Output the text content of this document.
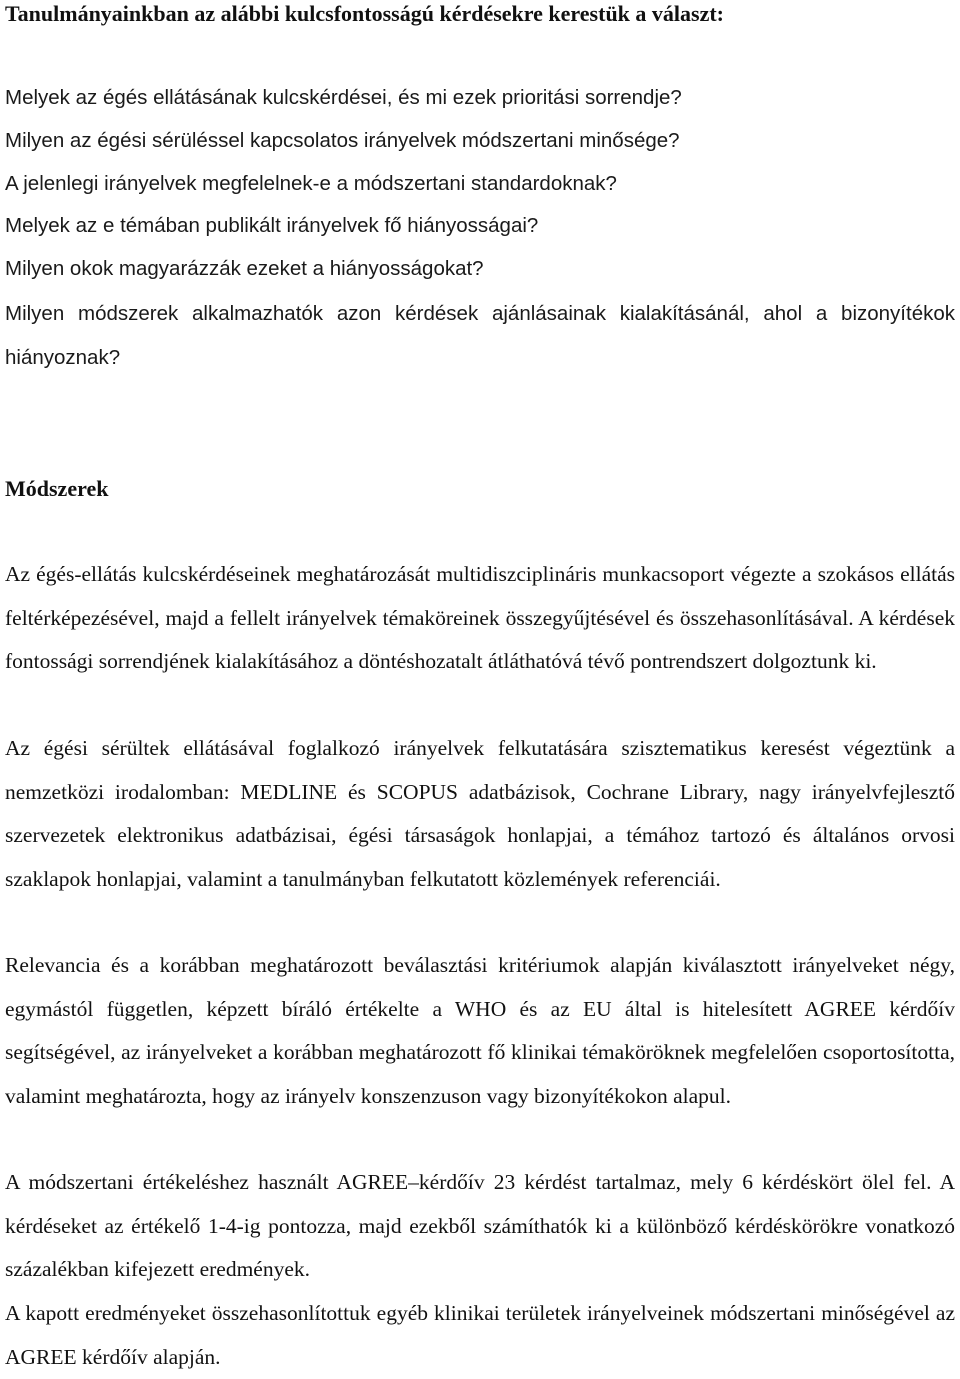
Tanulmányainkban az alábbi kulcsfontosságú kérdésekre kerestük a választ:
Melyek az égés ellátásának kulcskérdései, és mi ezek prioritási sorrendje?
Milyen az égési sérüléssel kapcsolatos irányelvek módszertani minősége?
A jelenlegi irányelvek megfelelnek-e a módszertani standardoknak?
Melyek az e témában publikált irányelvek fő hiányosságai?
Milyen okok magyarázzák ezeket a hiányosságokat?
Milyen módszerek alkalmazhatók azon kérdések ajánlásainak kialakításánál, ahol a bizonyítékok hiányoznak?
Módszerek

Az égés-ellátás kulcskérdéseinek meghatározását multidiszciplináris munkacsoport végezte a szokásos ellátás feltérképezésével, majd a fellelt irányelvek témaköreinek összegyűjtésével és összehasonlításával. A kérdések fontossági sorrendjének kialakításához a döntéshozatalt átláthatóvá tévő pontrendszert dolgoztunk ki.

Az égési sérültek ellátásával foglalkozó irányelvek felkutatására szisztematikus keresést végeztünk a nemzetközi irodalomban: MEDLINE és SCOPUS adatbázisok, Cochrane Library, nagy irányelvfejlesztő szervezetek elektronikus adatbázisai, égési társaságok honlapjai, a témához tartozó és általános orvosi szaklapok honlapjai, valamint a tanulmányban felkutatott közlemények referenciái.

Relevancia és a korábban meghatározott beválasztási kritériumok alapján kiválasztott irányelveket négy, egymástól független, képzett bíráló értékelte a WHO és az EU által is hitelesített AGREE kérdőív segítségével, az irányelveket a korábban meghatározott fő klinikai témaköröknek megfelelően csoportosította, valamint meghatározta, hogy az irányelv konszenzuson vagy bizonyítékokon alapul.

A módszertani értékeléshez használt AGREE–kérdőív 23 kérdést tartalmaz, mely 6 kérdéskört ölel fel. A kérdéseket az értékelő 1-4-ig pontozza, majd ezekből számíthatók ki a különböző kérdéskörökre vonatkozó százalékban kifejezett eredmények.

A kapott eredményeket összehasonlítottuk egyéb klinikai területek irányelveinek módszertani minőségével az AGREE kérdőív alapján.
